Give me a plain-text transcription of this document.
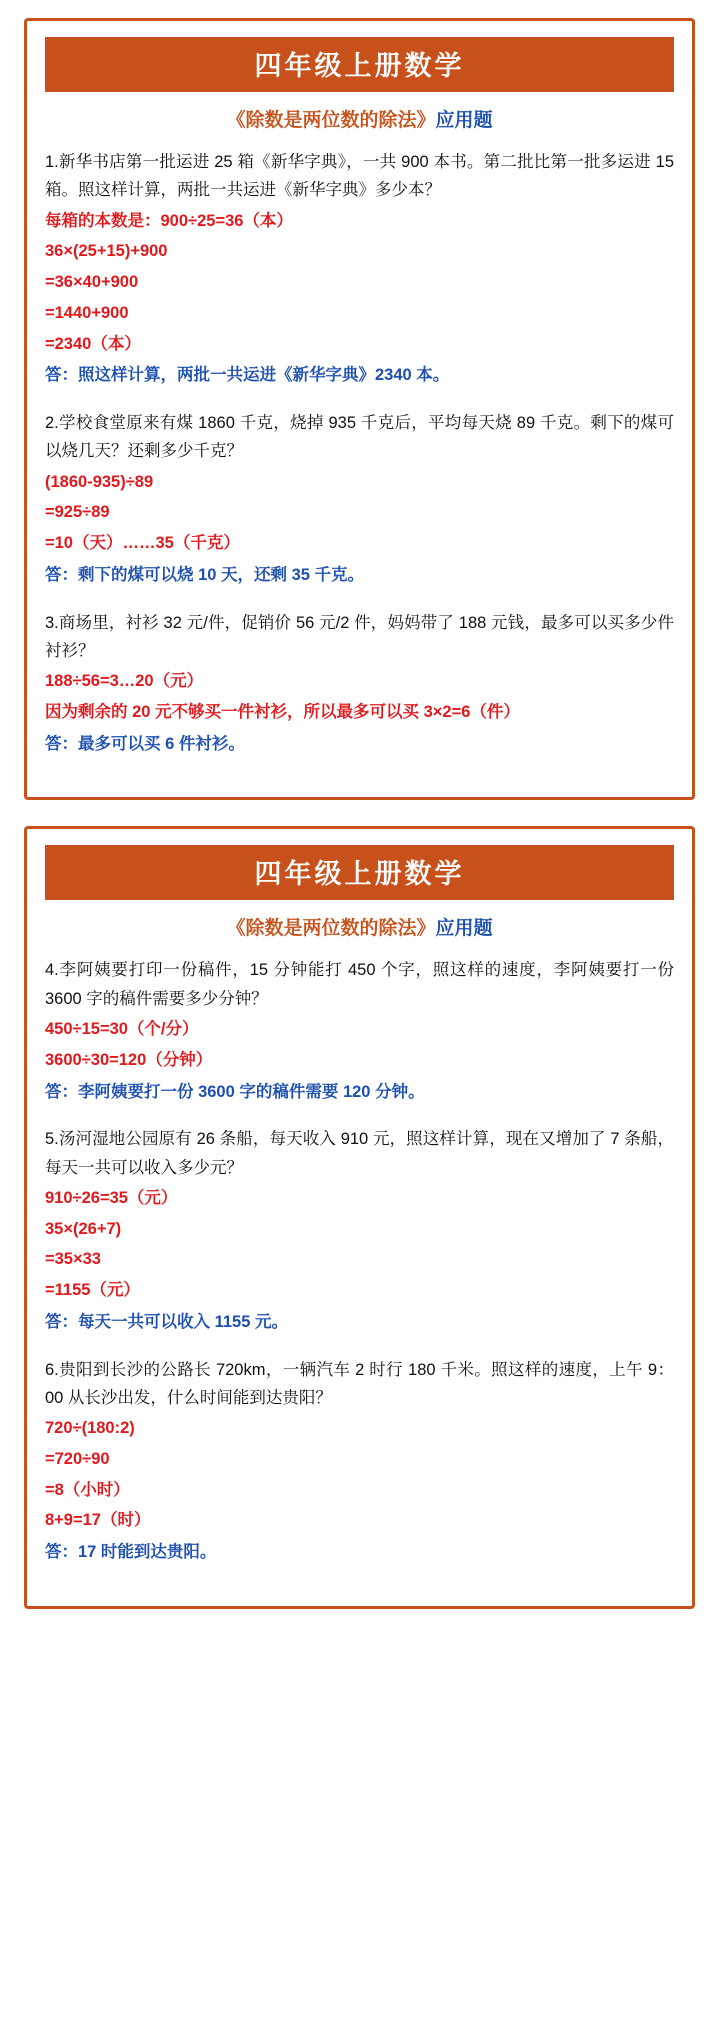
四年级上册数学
《除数是两位数的除法》应用题
1.新华书店第一批运进 25 箱《新华字典》，一共 900 本书。第二批比第一批多运进 15 箱。照这样计算，两批一共运进《新华字典》多少本？
每箱的本数是：900÷25=36（本）
36×(25+15)+900
=36×40+900
=1440+900
=2340（本）
答：照这样计算，两批一共运进《新华字典》2340 本。
2.学校食堂原来有煤 1860 千克，烧掉 935 千克后，平均每天烧 89 千克。剩下的煤可以烧几天？还剩多少千克？
(1860-935)÷89
=925÷89
=10（天）……35（千克）
答：剩下的煤可以烧 10 天，还剩 35 千克。
3.商场里，衬衫 32 元/件，促销价 56 元/2 件，妈妈带了 188 元钱，最多可以买多少件衬衫？
188÷56=3…20（元）
因为剩余的 20 元不够买一件衬衫，所以最多可以买 3×2=6（件）
答：最多可以买 6 件衬衫。
四年级上册数学
《除数是两位数的除法》应用题
4.李阿姨要打印一份稿件，15 分钟能打 450 个字，照这样的速度，李阿姨要打一份 3600 字的稿件需要多少分钟？
450÷15=30（个/分）
3600÷30=120（分钟）
答：李阿姨要打一份 3600 字的稿件需要 120 分钟。
5.汤河湿地公园原有 26 条船，每天收入 910 元，照这样计算，现在又增加了 7 条船，每天一共可以收入多少元？
910÷26=35（元）
35×(26+7)
=35×33
=1155（元）
答：每天一共可以收入 1155 元。
6.贵阳到长沙的公路长 720km，一辆汽车 2 时行 180 千米。照这样的速度，上午 9：00 从长沙出发，什么时间能到达贵阳？
720÷(180:2)
=720÷90
=8（小时）
8+9=17（时）
答：17 时能到达贵阳。
